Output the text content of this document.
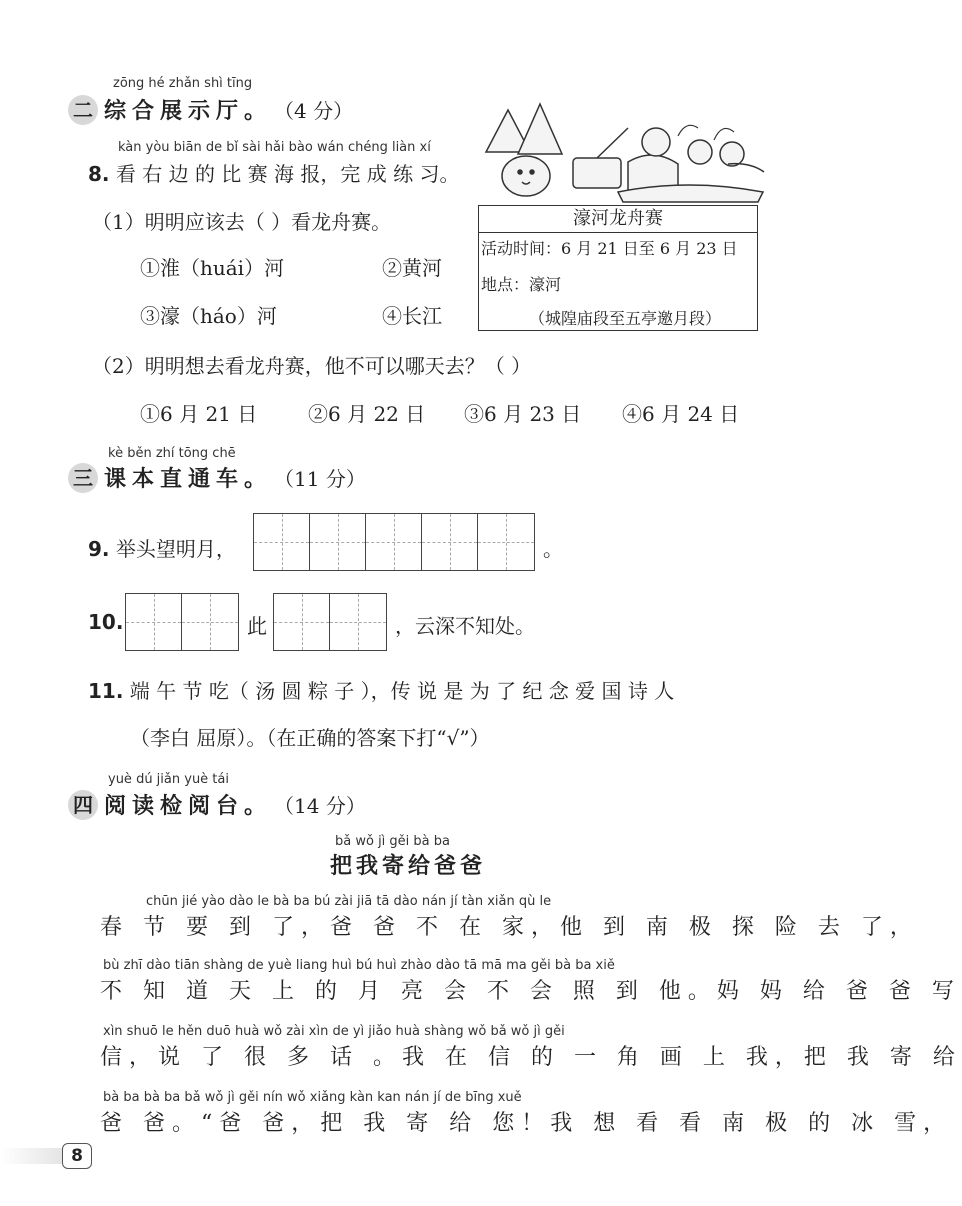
zōng hé zhǎn shì tīng
二 综合展示厅。 （4 分）
kàn yòu biān de bǐ sài hǎi bào wán chéng liàn xí
8. 看 右 边 的 比 赛 海 报，完 成 练 习。
（1）明明应该去（ ）看龙舟赛。
①淮（huái）河	②黄河
③濠（háo）河	④长江
濠河龙舟赛
活动时间：6 月 21 日至 6 月 23 日
地点：濠河
（城隍庙段至五亭邀月段）
（2）明明想去看龙舟赛，他不可以哪天去？（ ）
①6 月 21 日	②6 月 22 日 ③6 月 23 日 ④6 月 24 日
kè běn zhí tōng chē
三 课本直通车。 （11 分）
9. 举头望明月，	。
10.	此	，云深不知处。
11. 端 午 节 吃（ 汤 圆 粽 子 ），传 说 是 为 了 纪 念 爱 国 诗 人
（李白 屈原）。（在正确的答案下打“√”）
yuè dú jiǎn yuè tái
四 阅读检阅台。 （14 分）
bǎ wǒ jì gěi bà ba
把我寄给爸爸
chūn jié yào dào le bà ba bú zài jiā tā dào nán jí tàn xiǎn qù le
春 节 要 到 了，爸 爸 不 在 家，他 到 南 极 探 险 去 了，
bù zhī dào tiān shàng de yuè liang huì bú huì zhào dào tā mā ma gěi bà ba xiě
不 知 道 天 上 的 月 亮 会 不 会 照 到 他。妈 妈 给 爸 爸 写
xìn shuō le hěn duō huà wǒ zài xìn de yì jiǎo huà shàng wǒ bǎ wǒ jì gěi
信，说 了 很 多 话 。我 在 信 的 一 角 画 上 我，把 我 寄 给
bà ba bà ba bǎ wǒ jì gěi nín wǒ xiǎng kàn kan nán jí de bīng xuě
爸 爸。“爸 爸，把 我 寄 给 您！我 想 看 看 南 极 的 冰 雪，
8
